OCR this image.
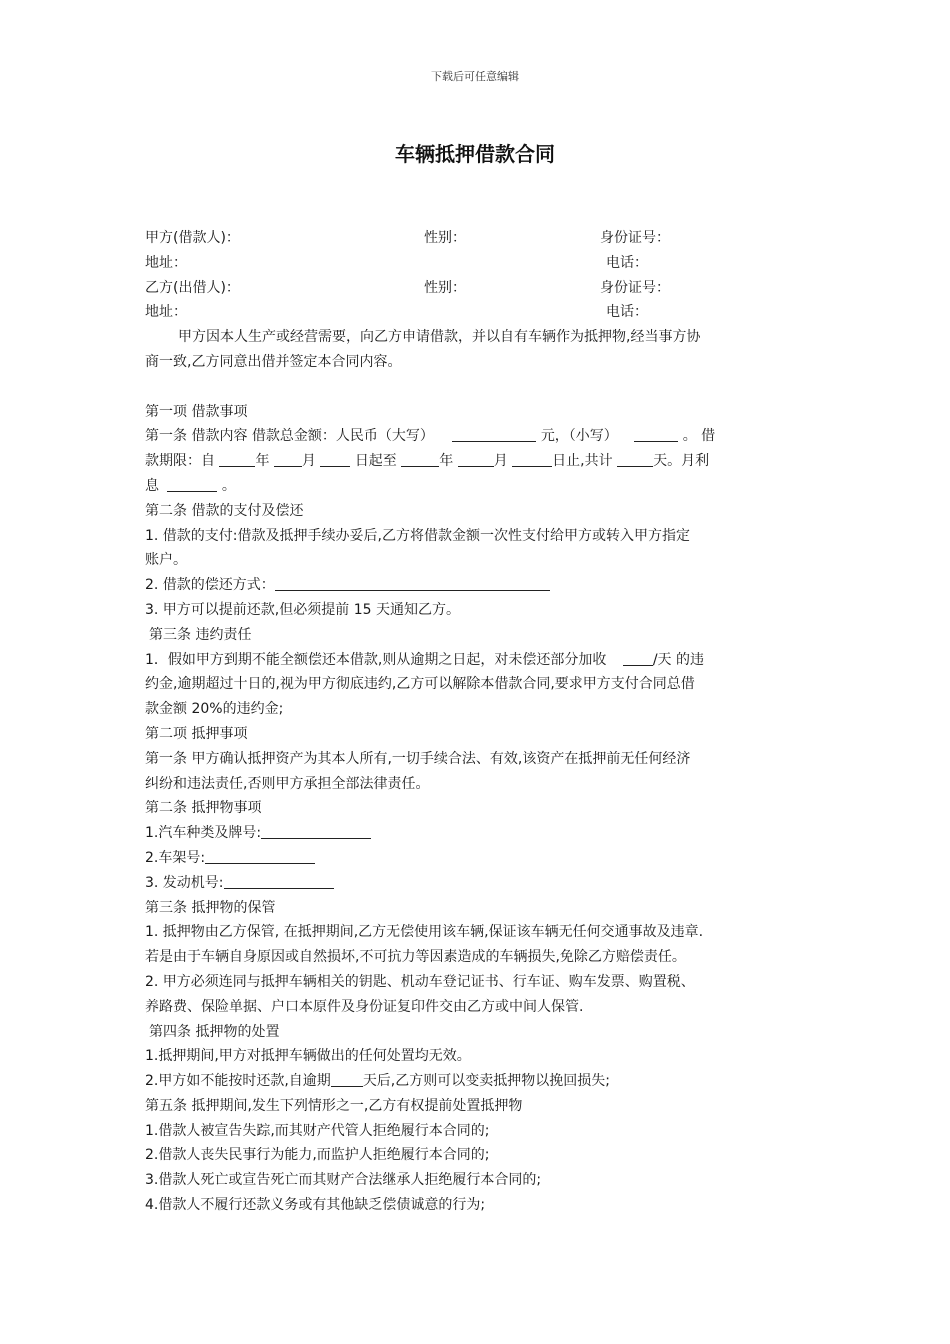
下载后可任意编辑
车辆抵押借款合同
甲方(借款人)：	性别：	身份证号：
地址：	电话：
乙方(出借人)：	性别：	身份证号：
地址：	电话：
甲方因本人生产或经营需要，向乙方申请借款，并以自有车辆作为抵押物,经当事方协
商一致,乙方同意出借并签定本合同内容。
第一项 借款事项
第一条 借款内容 借款总金额：人民币（大写）	元，（小写）	。 借
款期限：自	年 月	日起至	年	月	日止,共计	天。月利
息	。
第二条 借款的支付及偿还
1. 借款的支付:借款及抵押手续办妥后,乙方将借款金额一次性支付给甲方或转入甲方指定
账户。
2. 借款的偿还方式：
3. 甲方可以提前还款,但必须提前 15 天通知乙方。
第三条 违约责任
1．假如甲方到期不能全额偿还本借款,则从逾期之日起，对未偿还部分加收	/天 的违
约金,逾期超过十日的,视为甲方彻底违约,乙方可以解除本借款合同,要求甲方支付合同总借
款金额 20%的违约金;
第二项 抵押事项
第一条 甲方确认抵押资产为其本人所有,一切手续合法、有效,该资产在抵押前无任何经济
纠纷和违法责任,否则甲方承担全部法律责任。
第二条 抵押物事项
1.汽车种类及牌号:
2.车架号:
3. 发动机号:
第三条 抵押物的保管
1. 抵押物由乙方保管, 在抵押期间,乙方无偿使用该车辆,保证该车辆无任何交通事故及违章.
若是由于车辆自身原因或自然损坏,不可抗力等因素造成的车辆损失,免除乙方赔偿责任。
2. 甲方必须连同与抵押车辆相关的钥匙、机动车登记证书、行车证、购车发票、购置税、
养路费、保险单据、户口本原件及身份证复印件交由乙方或中间人保管.
第四条 抵押物的处置
1.抵押期间,甲方对抵押车辆做出的任何处置均无效。
2.甲方如不能按时还款,自逾期 天后,乙方则可以变卖抵押物以挽回损失;
第五条 抵押期间,发生下列情形之一,乙方有权提前处置抵押物
1.借款人被宣告失踪,而其财产代管人拒绝履行本合同的;
2.借款人丧失民事行为能力,而监护人拒绝履行本合同的;
3.借款人死亡或宣告死亡而其财产合法继承人拒绝履行本合同的;
4.借款人不履行还款义务或有其他缺乏偿债诚意的行为;
